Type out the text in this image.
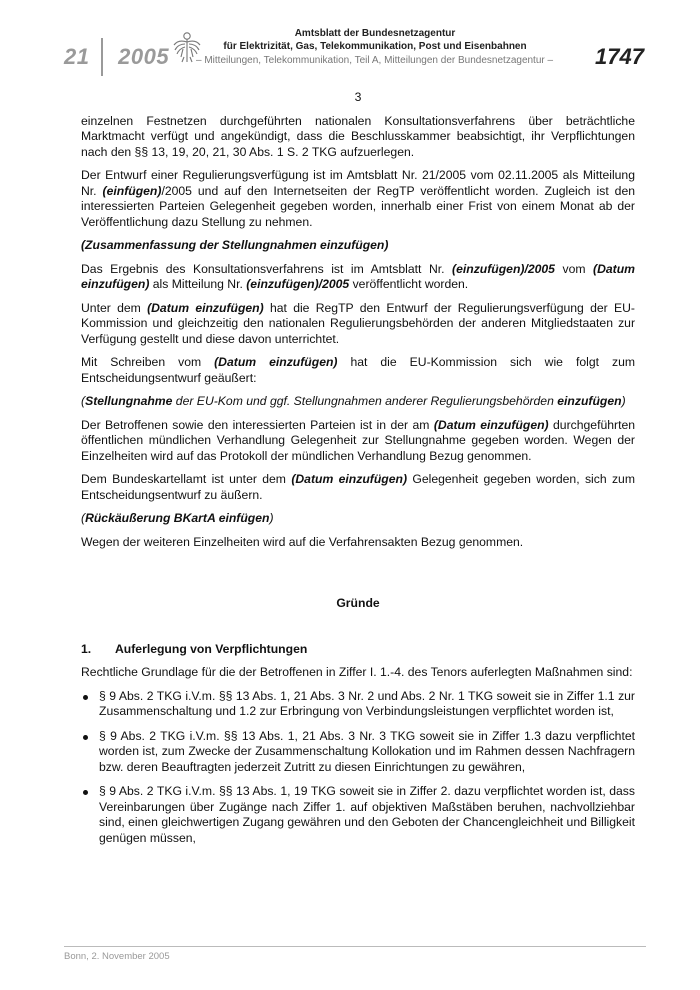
21 2005
Amtsblatt der Bundesnetzagentur
für Elektrizität, Gas, Telekommunikation, Post und Eisenbahnen
– Mitteilungen, Telekommunikation, Teil A, Mitteilungen der Bundesnetzagentur – 1747

3

einzelnen Festnetzen durchgeführten nationalen Konsultationsverfahrens über beträchtliche Marktmacht verfügt und angekündigt, dass die Beschlusskammer beabsichtigt, ihr Verpflichtungen nach den §§ 13, 19, 20, 21, 30 Abs. 1 S. 2 TKG aufzuerlegen.

Der Entwurf einer Regulierungsverfügung ist im Amtsblatt Nr. 21/2005 vom 02.11.2005 als Mitteilung Nr. (einfügen)/2005 und auf den Internetseiten der RegTP veröffentlicht worden. Zugleich ist den interessierten Parteien Gelegenheit gegeben worden, innerhalb einer Frist von einem Monat ab der Veröffentlichung dazu Stellung zu nehmen.

(Zusammenfassung der Stellungnahmen einzufügen)

Das Ergebnis des Konsultationsverfahrens ist im Amtsblatt Nr. (einzufügen)/2005 vom (Datum einzufügen) als Mitteilung Nr. (einzufügen)/2005 veröffentlicht worden.

Unter dem (Datum einzufügen) hat die RegTP den Entwurf der Regulierungsverfügung der EU-Kommission und gleichzeitig den nationalen Regulierungsbehörden der anderen Mitgliedstaaten zur Verfügung gestellt und diese davon unterrichtet.

Mit Schreiben vom (Datum einzufügen) hat die EU-Kommission sich wie folgt zum Entscheidungsentwurf geäußert:

(Stellungnahme der EU-Kom und ggf. Stellungnahmen anderer Regulierungsbehörden einzufügen)

Der Betroffenen sowie den interessierten Parteien ist in der am (Datum einzufügen) durchgeführten öffentlichen mündlichen Verhandlung Gelegenheit zur Stellungnahme gegeben worden. Wegen der Einzelheiten wird auf das Protokoll der mündlichen Verhandlung Bezug genommen.

Dem Bundeskartellamt ist unter dem (Datum einzufügen) Gelegenheit gegeben worden, sich zum Entscheidungsentwurf zu äußern.

(Rückäußerung BKartA einfügen)

Wegen der weiteren Einzelheiten wird auf die Verfahrensakten Bezug genommen.

Gründe
1. Auferlegung von Verpflichtungen

Rechtliche Grundlage für die der Betroffenen in Ziffer I. 1.-4. des Tenors auferlegten Maßnahmen sind:

§ 9 Abs. 2 TKG i.V.m. §§ 13 Abs. 1, 21 Abs. 3 Nr. 2 und Abs. 2 Nr. 1 TKG soweit sie in Ziffer 1.1 zur Zusammenschaltung und 1.2 zur Erbringung von Verbindungsleistungen verpflichtet worden ist,
§ 9 Abs. 2 TKG i.V.m. §§ 13 Abs. 1, 21 Abs. 3 Nr. 3 TKG soweit sie in Ziffer 1.3 dazu verpflichtet worden ist, zum Zwecke der Zusammenschaltung Kollokation und im Rahmen dessen Nachfragern bzw. deren Beauftragten jederzeit Zutritt zu diesen Einrichtungen zu gewähren,
§ 9 Abs. 2 TKG i.V.m. §§ 13 Abs. 1, 19 TKG soweit sie in Ziffer 2. dazu verpflichtet worden ist, dass Vereinbarungen über Zugänge nach Ziffer 1. auf objektiven Maßstäben beruhen, nachvollziehbar sind, einen gleichwertigen Zugang gewähren und den Geboten der Chancengleichheit und Billigkeit genügen müssen,
Bonn, 2. November 2005
